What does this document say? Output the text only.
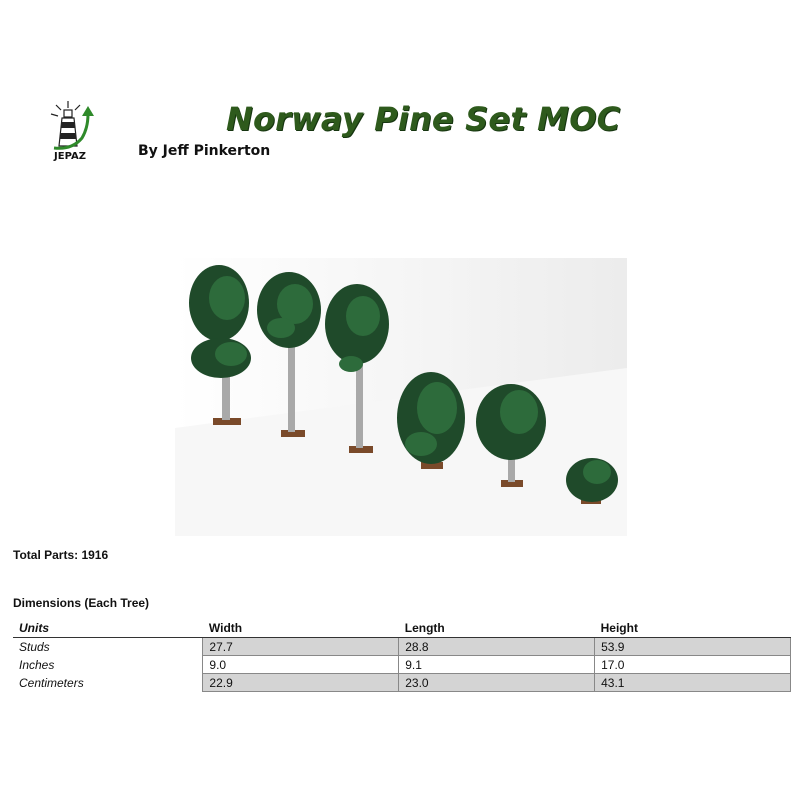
JEPAZ
Norway Pine Set MOC
By Jeff Pinkerton
Total Parts: 1916
Dimensions (Each Tree)
Units	Width	Length	Height
Studs	27.7	28.8	53.9
Inches	9.0	9.1	17.0
Centimeters	22.9	23.0	43.1
